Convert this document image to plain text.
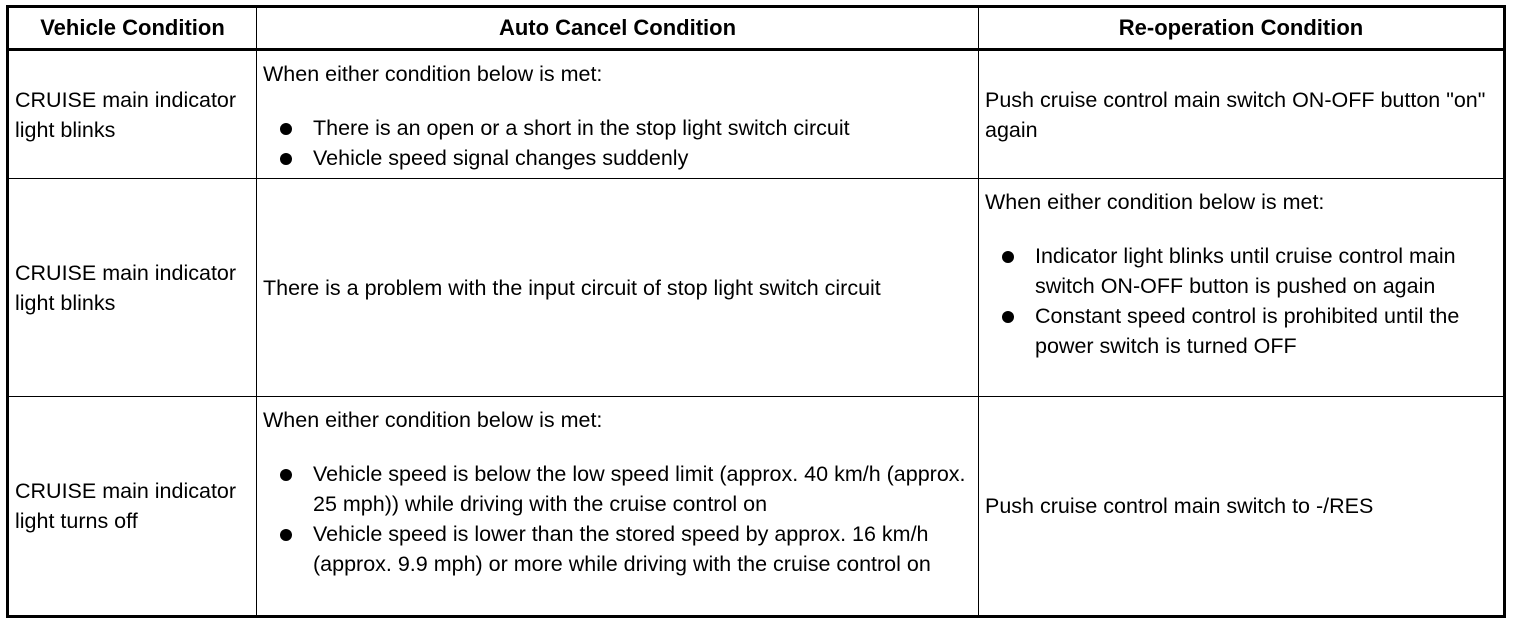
Vehicle Condition	Auto Cancel Condition	Re-operation Condition
CRUISE main indicator light blinks
When either condition below is met:
There is an open or a short in the stop light switch circuit
Vehicle speed signal changes suddenly
Push cruise control main switch ON-OFF button "on" again
CRUISE main indicator light blinks
There is a problem with the input circuit of stop light switch circuit
When either condition below is met:
Indicator light blinks until cruise control main switch ON-OFF button is pushed on again
Constant speed control is prohibited until the power switch is turned OFF
CRUISE main indicator light turns off
When either condition below is met:
Vehicle speed is below the low speed limit (approx. 40 km/h (approx. 25 mph)) while driving with the cruise control on
Vehicle speed is lower than the stored speed by approx. 16 km/h (approx. 9.9 mph) or more while driving with the cruise control on
Push cruise control main switch to -/RES
